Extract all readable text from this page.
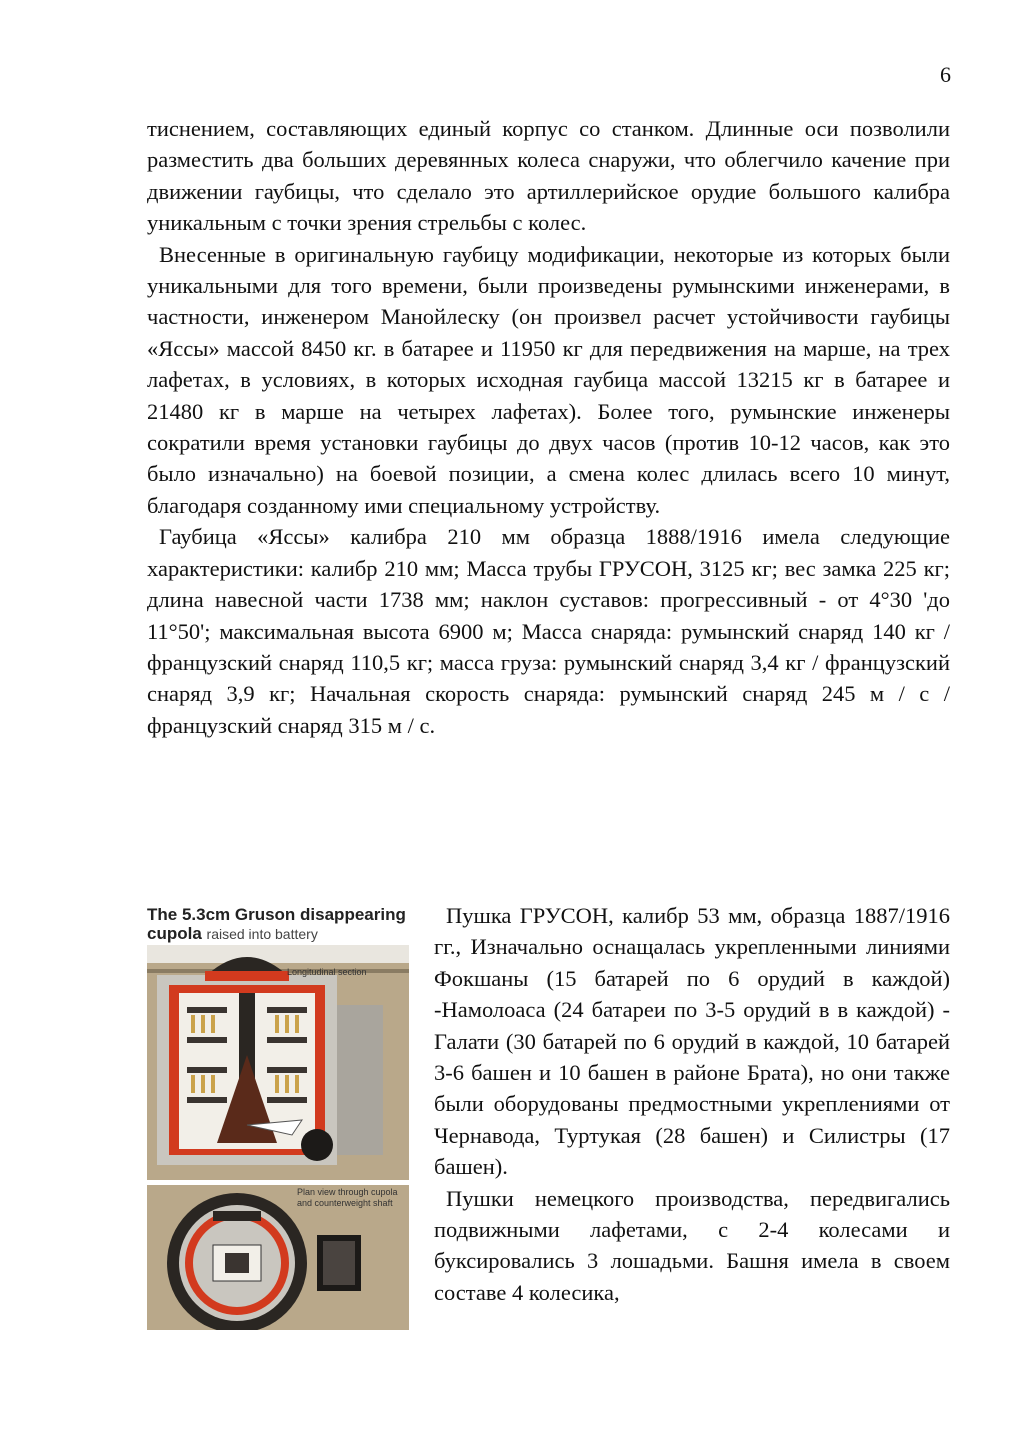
6

тиснением, составляющих единый корпус со станком. Длинные оси позволили разместить два больших деревянных колеса снаружи, что облегчило качение при движении гаубицы, что сделало это артиллерийское орудие большого калибра уникальным с точки зрения стрельбы с колес.

Внесенные в оригинальную гаубицу модификации, некоторые из которых были уникальными для того времени, были произведены румынскими инженерами, в частности, инженером Манойлеску (он произвел расчет устойчивости гаубицы «Яссы» массой 8450 кг. в батарее и 11950 кг для передвижения на марше, на трех лафетах, в условиях, в которых исходная гаубица массой 13215 кг в батарее и 21480 кг в марше на четырех лафетах). Более того, румынские инженеры сократили время установки гаубицы до двух часов (против 10-12 часов, как это было изначально) на боевой позиции, а смена колес длилась всего 10 минут, благодаря созданному ими специальному устройству.

Гаубица «Яссы» калибра 210 мм образца 1888/1916 имела следующие характеристики: калибр 210 мм; Масса трубы ГРУСОН, 3125 кг; вес замка 225 кг; длина навесной части 1738 мм; наклон суставов: прогрессивный - от 4°30 'до 11°50'; максимальная высота 6900 м; Масса снаряда: румынский снаряд 140 кг / французский снаряд 110,5 кг; масса груза: румынский снаряд 3,4 кг / французский снаряд 3,9 кг; Начальная скорость снаряда: румынский снаряд 245 м / с / французский снаряд 315 м / с.

The 5.3cm Gruson disappearing
cupola raised into battery
Longitudinal section
Plan view through cupola
and counterweight shaft

Пушка ГРУСОН, калибр 53 мм, образца 1887/1916 гг., Изначально оснащалась укрепленными линиями Фокшаны (15 батарей по 6 орудий в каждой) -Намолоаса (24 батареи по 3-5 орудий в в каждой) - Галати (30 батарей по 6 орудий в каждой, 10 батарей 3-6 башен и 10 башен в районе Брата), но они также были оборудованы предмостными укреплениями от Чернавода, Туртукая (28 башен) и Силистры (17 башен).

Пушки немецкого производства, передвигались подвижными лафетами, с 2-4 колесами и буксировались 3 лошадьми. Башня имела в своем составе 4 колесика,
